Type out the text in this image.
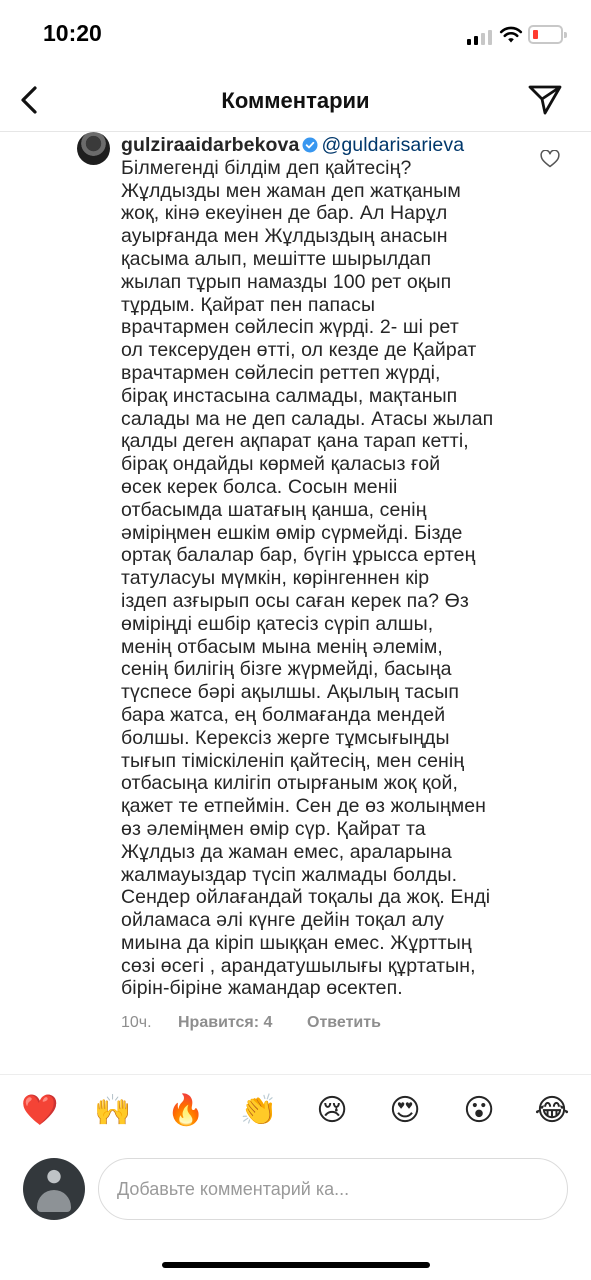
10:20
Комментарии
gulziraaidarbekova @guldarisarieva
Білмегенді білдім деп қайтесің?
Жұлдызды мен жаман деп жатқаным
жоқ, кінә екеуінен де бар. Ал Нарұл
ауырғанда мен Жұлдыздың анасын
қасыма алып, мешітте шырылдап
жылап тұрып намазды 100 рет оқып
тұрдым. Қайрат пен папасы
врачтармен сөйлесіп жүрді. 2- ші рет
ол тексеруден өтті, ол кезде де Қайрат
врачтармен сөйлесіп реттеп жүрді,
бірақ инстасына салмады, мақтанып
салады ма не деп салады. Атасы жылап
қалды деген ақпарат қана тарап кетті,
бірақ ондайды көрмей қаласыз ғой
өсек керек болса. Сосын меніі
отбасымда шатағың қанша, сенің
әміріңмен ешкім өмір сүрмейді. Бізде
ортақ балалар бар, бүгін ұрысса ертең
татуласуы мүмкін, көрінгеннен кір
іздеп азғырып осы саған керек па? Өз
өміріңді ешбір қатесіз сүріп алшы,
менің отбасым мына менің әлемім,
сенің билігің бізге жүрмейді, басыңа
түспесе бәрі ақылшы. Ақылың тасып
бара жатса, ең болмағанда мендей
болшы. Керексіз жерге тұмсығыңды
тығып тіміскіленіп қайтесің, мен сенің
отбасыңа килігіп отырғаным жоқ қой,
қажет те етпеймін. Сен де өз жолыңмен
өз әлеміңмен өмір сүр. Қайрат та
Жұлдыз да жаман емес, араларына
жалмауыздар түсіп жалмады болды.
Сендер ойлағандай тоқалы да жоқ. Енді
ойламаса әлі күнге дейін тоқал алу
миына да кіріп шыққан емес. Жұрттың
сөзі өсегі , арандатушылығы құртатын,
бірін-біріне жамандар өсектеп.
10ч. Нравится: 4 Ответить
❤️ 🙌 🔥 👏 😢 😍 😮 😂
Добавьте комментарий ка...
